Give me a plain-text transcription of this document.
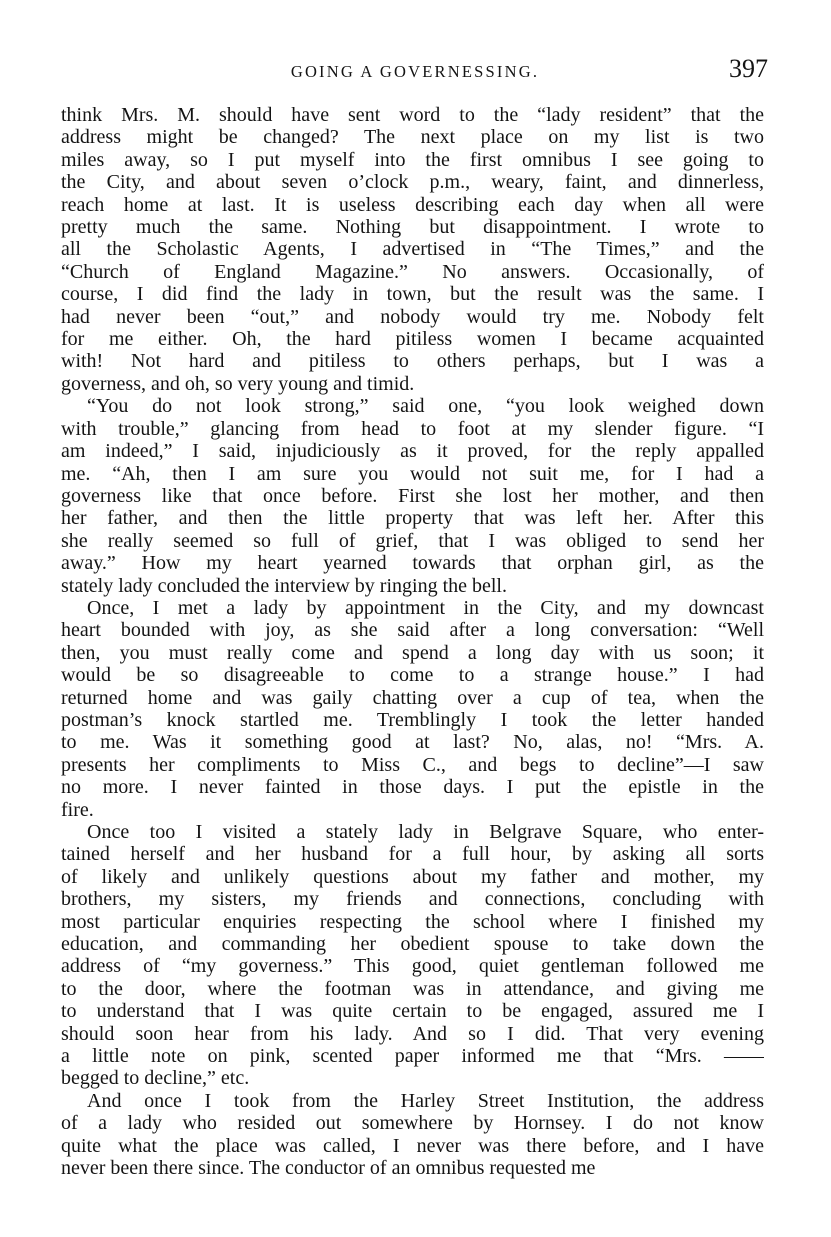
GOING A GOVERNESSING.	397
think Mrs. M. should have sent word to the “lady resident” that the
address might be changed? The next place on my list is two
miles away, so I put myself into the first omnibus I see going to
the City, and about seven o’clock p.m., weary, faint, and dinnerless,
reach home at last. It is useless describing each day when all were
pretty much the same. Nothing but disappointment. I wrote to
all the Scholastic Agents, I advertised in “The Times,” and the
“Church of England Magazine.” No answers. Occasionally, of
course, I did find the lady in town, but the result was the same. I
had never been “out,” and nobody would try me. Nobody felt
for me either. Oh, the hard pitiless women I became acquainted
with! Not hard and pitiless to others perhaps, but I was a
governess, and oh, so very young and timid.
“You do not look strong,” said one, “you look weighed down
with trouble,” glancing from head to foot at my slender figure. “I
am indeed,” I said, injudiciously as it proved, for the reply appalled
me. “Ah, then I am sure you would not suit me, for I had a
governess like that once before. First she lost her mother, and then
her father, and then the little property that was left her. After this
she really seemed so full of grief, that I was obliged to send her
away.” How my heart yearned towards that orphan girl, as the
stately lady concluded the interview by ringing the bell.
Once, I met a lady by appointment in the City, and my downcast
heart bounded with joy, as she said after a long conversation: “Well
then, you must really come and spend a long day with us soon; it
would be so disagreeable to come to a strange house.” I had
returned home and was gaily chatting over a cup of tea, when the
postman’s knock startled me. Tremblingly I took the letter handed
to me. Was it something good at last? No, alas, no! “Mrs. A.
presents her compliments to Miss C., and begs to decline”—I saw
no more. I never fainted in those days. I put the epistle in the
fire.
Once too I visited a stately lady in Belgrave Square, who enter-
tained herself and her husband for a full hour, by asking all sorts
of likely and unlikely questions about my father and mother, my
brothers, my sisters, my friends and connections, concluding with
most particular enquiries respecting the school where I finished my
education, and commanding her obedient spouse to take down the
address of “my governess.” This good, quiet gentleman followed me
to the door, where the footman was in attendance, and giving me
to understand that I was quite certain to be engaged, assured me I
should soon hear from his lady. And so I did. That very evening
a little note on pink, scented paper informed me that “Mrs. ——
begged to decline,” etc.
And once I took from the Harley Street Institution, the address
of a lady who resided out somewhere by Hornsey. I do not know
quite what the place was called, I never was there before, and I have
never been there since. The conductor of an omnibus requested me
